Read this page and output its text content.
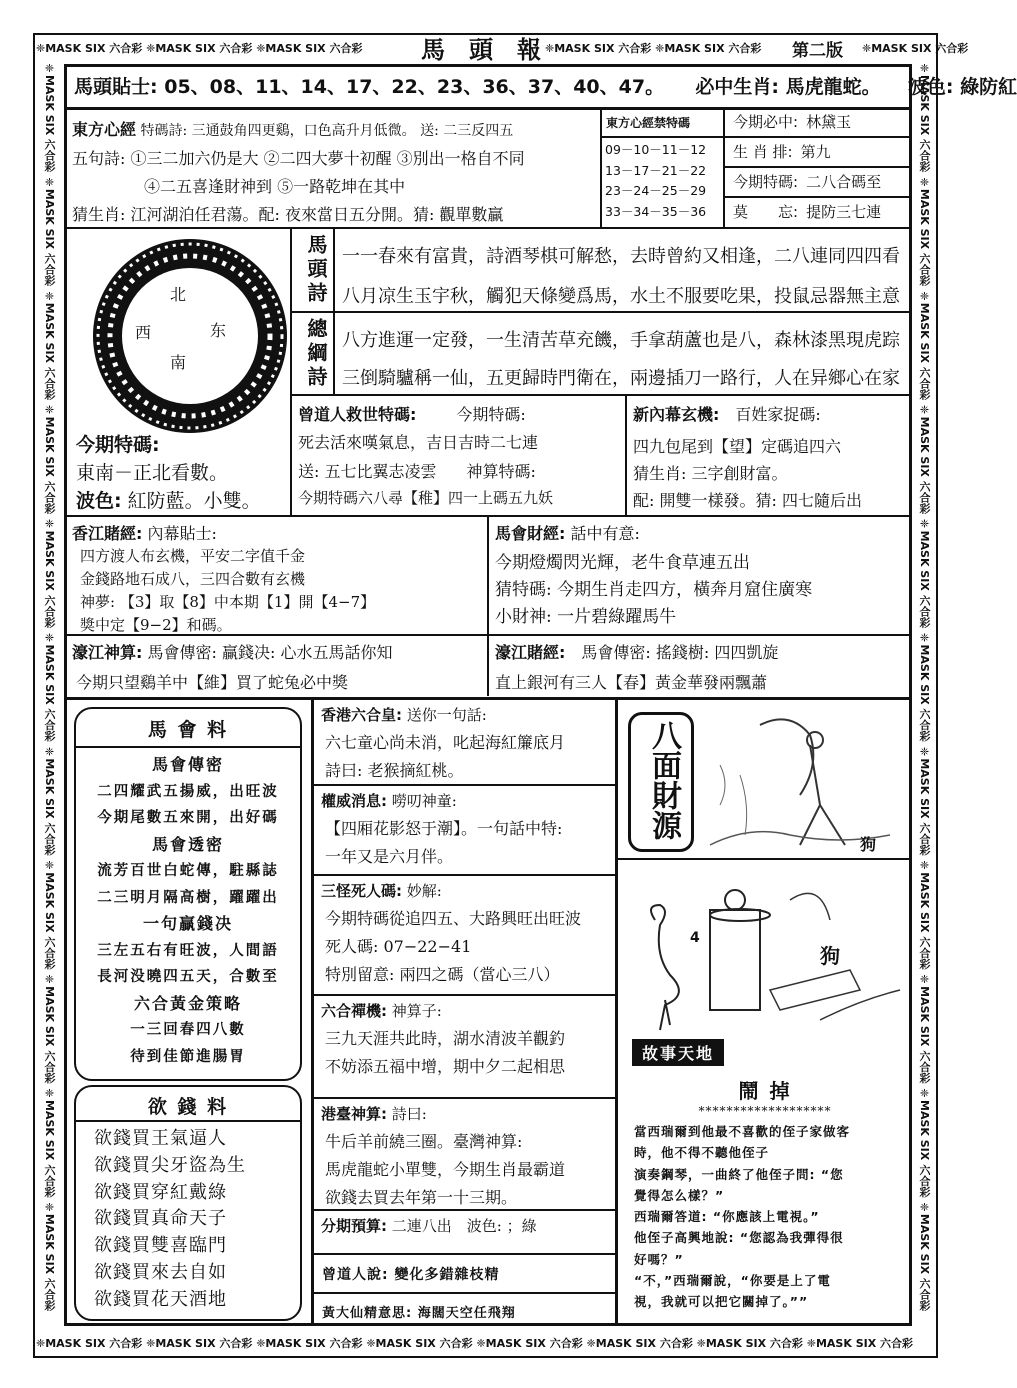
❈MASK SIX 六合彩 ❈MASK SIX 六合彩 ❈MASK SIX 六合彩	馬 頭 報 ❈MASK SIX 六合彩 ❈MASK SIX 六合彩	第二版 ❈MASK SIX 六合彩
❈MASK SIX 六合彩 ❈MASK SIX 六合彩 ❈MASK SIX 六合彩 ❈MASK SIX 六合彩 ❈MASK SIX 六合彩 ❈MASK SIX 六合彩 ❈MASK SIX 六合彩 ❈MASK SIX 六合彩
❈MASK SIX 六合彩 ❈MASK SIX 六合彩 ❈MASK SIX 六合彩 ❈MASK SIX 六合彩 ❈MASK SIX 六合彩 ❈MASK SIX 六合彩 ❈MASK SIX 六合彩 ❈MASK SIX 六合彩 ❈MASK SIX 六合彩 ❈MASK SIX 六合彩 ❈MASK SIX 六合彩	❈MASK SIX 六合彩 ❈MASK SIX 六合彩 ❈MASK SIX 六合彩 ❈MASK SIX 六合彩 ❈MASK SIX 六合彩 ❈MASK SIX 六合彩 ❈MASK SIX 六合彩 ❈MASK SIX 六合彩 ❈MASK SIX 六合彩 ❈MASK SIX 六合彩 ❈MASK SIX 六合彩
馬頭貼士: 05、08、11、14、17、22、23、36、37、40、47。 必中生肖: 馬虎龍蛇。 波色: 綠防紅
東方心經 特碼詩: 三通鼓角四更鷄，口色高升月低微。 送: 二三反四五
五句詩: ①三二加六仍是大 ②二四大夢十初醒 ③別出一格自不同
④二五喜逢財神到 ⑤一路乾坤在其中
猜生肖: 江河湖泊任君蕩。配: 夜來當日五分開。猜: 觀單數贏
東方心經禁特碼
09－10－11－12
13－17－21－22
23－24－25－29
33－34－35－36
今期必中: 林黛玉
生 肖 排: 第九
今期特碼: 二八合碼至
莫　　忘: 提防三七連
北
西	东
南
今期特碼:
東南－正北看數。
波色: 紅防藍。小雙。
馬頭詩 一一春來有富貴，詩酒琴棋可解愁，去時曾約又相逢，二八連同四四看
八月凉生玉宇秋，觸犯天條變爲馬，水土不服要吃果，投鼠忌器無主意
總綱詩 八方進運一定發，一生清苦草充饑，手拿葫蘆也是八，森林漆黑現虎踪
三倒騎驢稱一仙，五更歸時門衛在，兩邊插刀一路行，人在异鄉心在家
曾道人救世特碼:	今期特碼:
死去活來嘆氣息，吉日吉時二七連
送: 五七比翼志凌雲 神算特碼:
今期特碼六八尋【稚】四一上碼五九妖
新內幕玄機:　 百姓家捉碼:
四九包尾到【望】定碼追四六
猜生肖: 三字創財富。
配: 開雙一樣發。猜: 四七隨后出
香江賭經: 內幕貼士:
四方渡人布玄機，平安二字值千金
金錢路地石成八，三四合數有玄機
神夢: 【3】取【8】中本期【1】開【4−7】
獎中定【9−2】和碼。
馬會財經: 話中有意:
今期燈燭閃光輝，老牛食草連五出
猜特碼: 今期生肖走四方，橫奔月窟住廣寒
小財神: 一片碧綠躍馬牛
濠江神算: 馬會傳密: 贏錢决: 心水五馬話你知
今期只望鷄羊中【維】買了蛇兔必中獎
濠江賭經:　 馬會傳密: 搖錢樹: 四四凱旋
直上銀河有三人【春】黃金華發兩飄蕭
馬 會 料
馬會傳密
二四耀武五揚威，出旺波
今期尾數五來開，出好碼
馬會透密
流芳百世白蛇傳，駐縣誌
二三明月隔高樹，躍躍出
一句贏錢决
三左五右有旺波，人間語
長河没曉四五天，合數至
六合黃金策略
一三回春四八數
待到佳節進腸胃
欲 錢 料
欲錢買王氣逼人
欲錢買尖牙盜為生
欲錢買穿紅戴綠
欲錢買真命天子
欲錢買雙喜臨門
欲錢買來去自如
欲錢買花天酒地
香港六合皇: 送你一句話:
六七童心尚未消，叱起海紅簾底月
詩曰: 老猴摘紅桃。
權威消息: 嘮叨神童:
【四厢花影怒于潮】。一句話中特:
一年又是六月伴。
三怪死人碼: 妙解:
今期特碼從追四五、大路興旺出旺波
死人碼: 07−22−41
特別留意: 兩四之碼（當心三八）
六合禪機: 神算子:
三九天涯共此時，湖水清波羊觀釣
不妨添五福中增，期中夕二起相思
港臺神算: 詩曰:
牛后羊前繞三圈。臺灣神算:
馬虎龍蛇小單雙，今期生肖最霸道
欲錢去買去年第一十三期。
分期預算: 二連八出　波色: ；綠
曾道人說: 變化多錯雜枝精
黃大仙精意思: 海闊天空任飛翔
八面財源
狗
4
狗
故事天地
鬧 掉
*******************
當西瑞爾到他最不喜歡的侄子家做客
時，他不得不聽他侄子
演奏鋼琴，一曲終了他侄子問: “您
覺得怎么樣？”
西瑞爾答道: “你應該上電視。”
他侄子高興地說: “您認為我彈得很
好嗎？”
“不，”西瑞爾說，“你要是上了電
視，我就可以把它關掉了。””
